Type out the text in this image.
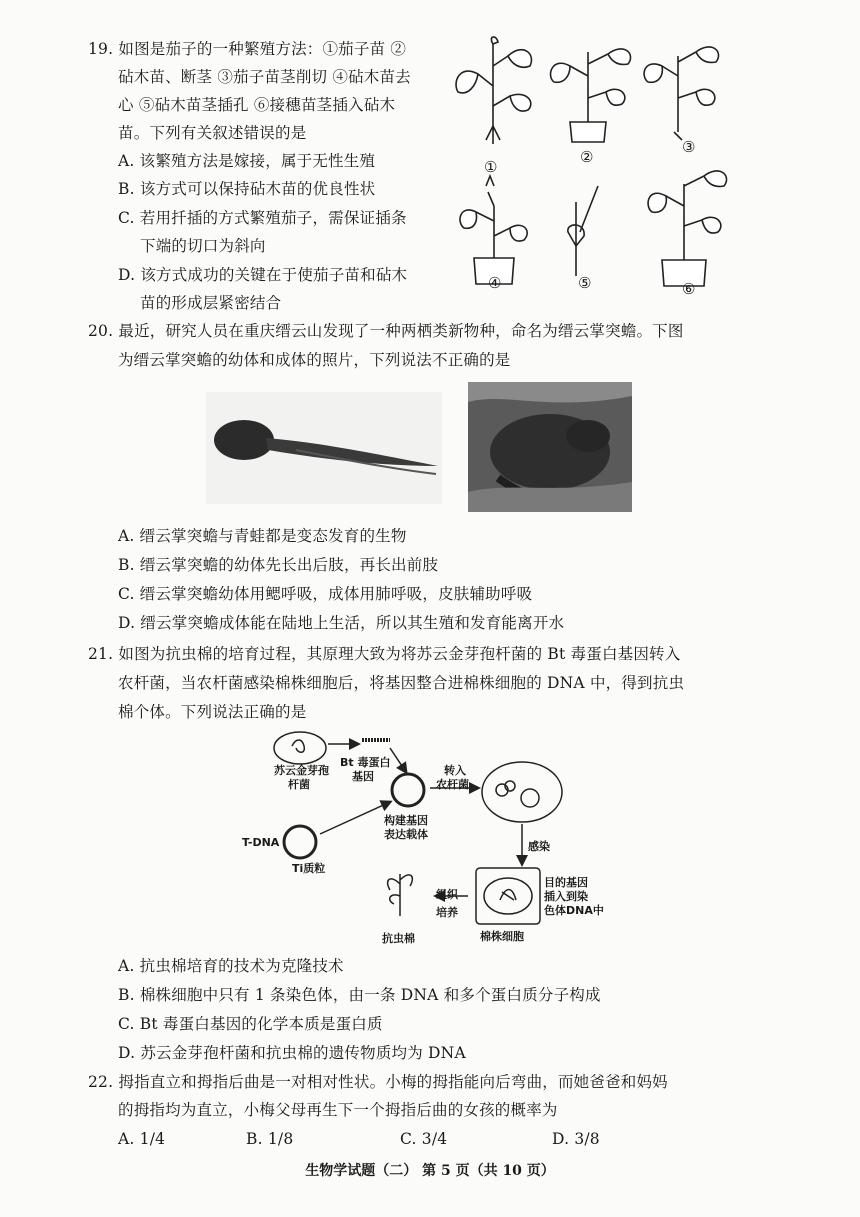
19. 如图是茄子的一种繁殖方法：①茄子苗 ②
砧木苗、断茎 ③茄子苗茎削切 ④砧木苗去
心 ⑤砧木苗茎插孔 ⑥接穗苗茎插入砧木
苗。下列有关叙述错误的是
A. 该繁殖方法是嫁接，属于无性生殖
B. 该方式可以保持砧木苗的优良性状
C. 若用扦插的方式繁殖茄子，需保证插条
下端的切口为斜向
D. 该方式成功的关键在于使茄子苗和砧木
苗的形成层紧密结合
①
②
③
④	⑤	⑥
20. 最近，研究人员在重庆缙云山发现了一种两栖类新物种，命名为缙云掌突蟾。下图
为缙云掌突蟾的幼体和成体的照片，下列说法不正确的是
A. 缙云掌突蟾与青蛙都是变态发育的生物
B. 缙云掌突蟾的幼体先长出后肢，再长出前肢
C. 缙云掌突蟾幼体用鳃呼吸，成体用肺呼吸，皮肤辅助呼吸
D. 缙云掌突蟾成体能在陆地上生活，所以其生殖和发育能离开水
21. 如图为抗虫棉的培育过程，其原理大致为将苏云金芽孢杆菌的 Bt 毒蛋白基因转入
农杆菌，当农杆菌感染棉株细胞后，将基因整合进棉株细胞的 DNA 中，得到抗虫
棉个体。下列说法正确的是
苏云金芽孢
杆菌
Bt 毒蛋白
基因	转入
农杆菌
构建基因
表达载体
T-DNA
Ti质粒
感染
目的基因
插入到染
色体DNA中
组织
培养
抗虫棉	棉株细胞
A. 抗虫棉培育的技术为克隆技术
B. 棉株细胞中只有 1 条染色体，由一条 DNA 和多个蛋白质分子构成
C. Bt 毒蛋白基因的化学本质是蛋白质
D. 苏云金芽孢杆菌和抗虫棉的遗传物质均为 DNA
22. 拇指直立和拇指后曲是一对相对性状。小梅的拇指能向后弯曲，而她爸爸和妈妈
的拇指均为直立，小梅父母再生下一个拇指后曲的女孩的概率为
A. 1/4	B. 1/8	C. 3/4	D. 3/8
生物学试题（二） 第 5 页（共 10 页）
